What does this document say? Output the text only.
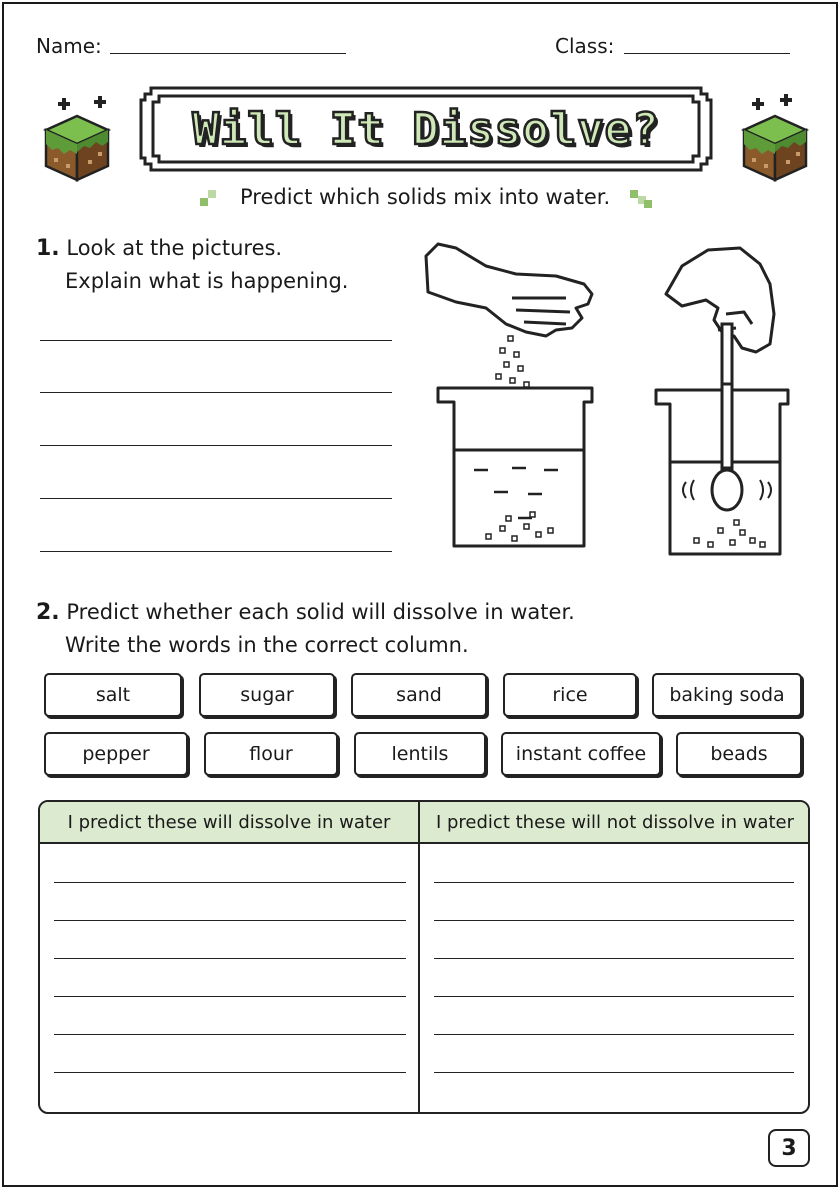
Name:	Class:
Will It Dissolve?
Predict which solids mix into water.
1. Look at the pictures.
Explain what is happening.
2. Predict whether each solid will dissolve in water.
Write the words in the correct column.
salt	sugar	sand	rice	baking soda
pepper	flour	lentils	instant coffee	beads
I predict these will dissolve in water	I predict these will not dissolve in water
3
